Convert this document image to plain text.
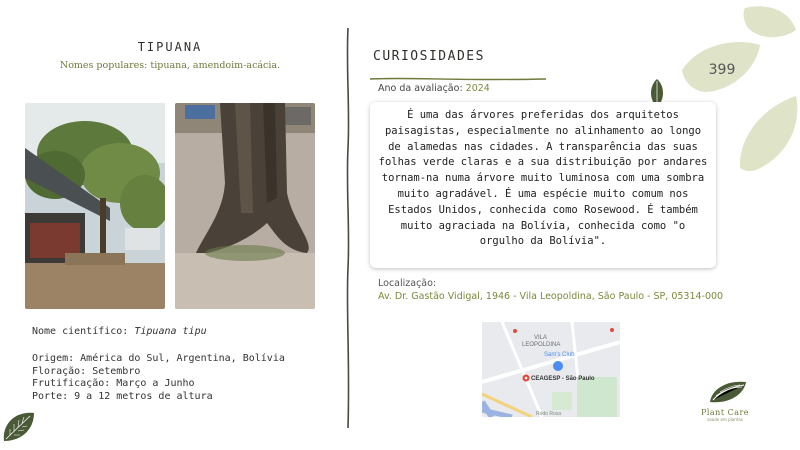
399
TIPUANA
Nomes populares: tipuana, amendoim-acácia.
Nome científico: Tipuana tipu
Origem: América do Sul, Argentina, Bolívia
Floração: Setembro
Frutificação: Março a Junho
Porte: 9 a 12 metros de altura
CURIOSIDADES
Ano da avaliação: 2024
É uma das árvores preferidas dos arquitetos paisagistas, especialmente no alinhamento ao longo de alamedas nas cidades. A transparência das suas folhas verde claras e a sua distribuição por andares tornam-na numa árvore muito luminosa com uma sombra muito agradável. É uma espécie muito comum nos Estados Unidos, conhecida como Rosewood. É também muito agraciada na Bolívia, conhecida como "o orgulho da Bolívia".
Localização:
Av. Dr. Gastão Vidigal, 1946 - Vila Leopoldina, São Paulo - SP, 05314-000
VILA
LEOPOLDINA
Sam's Club
CEAGESP - São Paulo
Rodo Rosa	Plant Care
saúde em plantas
